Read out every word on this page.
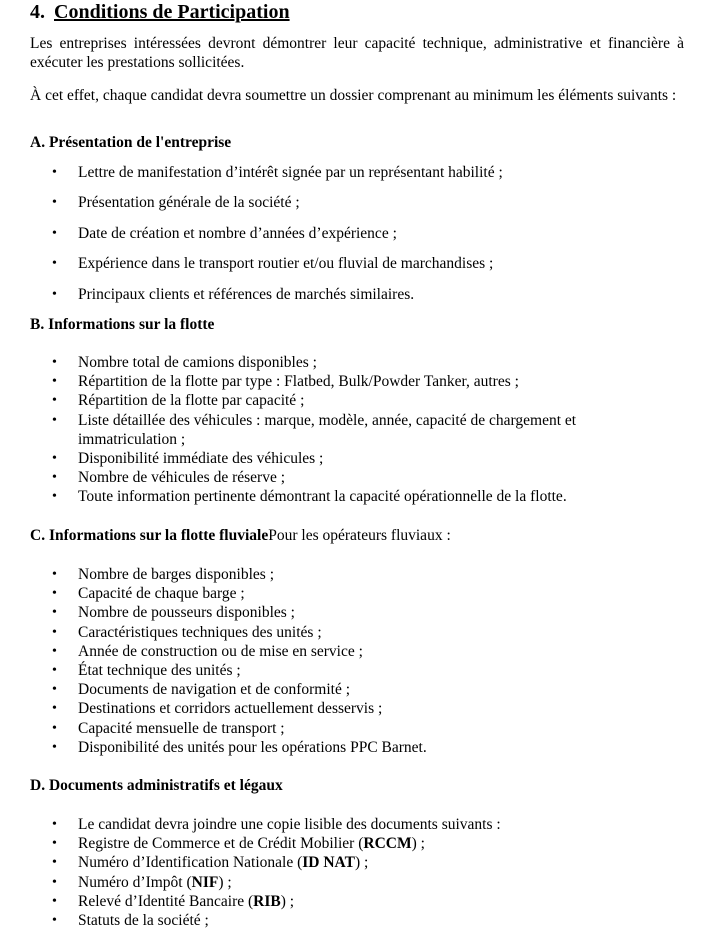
4. Conditions de Participation

Les entreprises intéressées devront démontrer leur capacité technique, administrative et financière à exécuter les prestations sollicitées.

À cet effet, chaque candidat devra soumettre un dossier comprenant au minimum les éléments suivants :

A. Présentation de l'entreprise
• Lettre de manifestation d’intérêt signée par un représentant habilité ;
• Présentation générale de la société ;
• Date de création et nombre d’années d’expérience ;
• Expérience dans le transport routier et/ou fluvial de marchandises ;
• Principaux clients et références de marchés similaires.
B. Informations sur la flotte
• Nombre total de camions disponibles ;
• Répartition de la flotte par type : Flatbed, Bulk/Powder Tanker, autres ;
• Répartition de la flotte par capacité ;
• Liste détaillée des véhicules : marque, modèle, année, capacité de chargement et immatriculation ;
• Disponibilité immédiate des véhicules ;
• Nombre de véhicules de réserve ;
• Toute information pertinente démontrant la capacité opérationnelle de la flotte.
C. Informations sur la flotte fluvialePour les opérateurs fluviaux :
• Nombre de barges disponibles ;
• Capacité de chaque barge ;
• Nombre de pousseurs disponibles ;
• Caractéristiques techniques des unités ;
• Année de construction ou de mise en service ;
• État technique des unités ;
• Documents de navigation et de conformité ;
• Destinations et corridors actuellement desservis ;
• Capacité mensuelle de transport ;
• Disponibilité des unités pour les opérations PPC Barnet.
D. Documents administratifs et légaux
• Le candidat devra joindre une copie lisible des documents suivants :
• Registre de Commerce et de Crédit Mobilier (RCCM) ;
• Numéro d’Identification Nationale (ID NAT) ;
• Numéro d’Impôt (NIF) ;
• Relevé d’Identité Bancaire (RIB) ;
• Statuts de la société ;
